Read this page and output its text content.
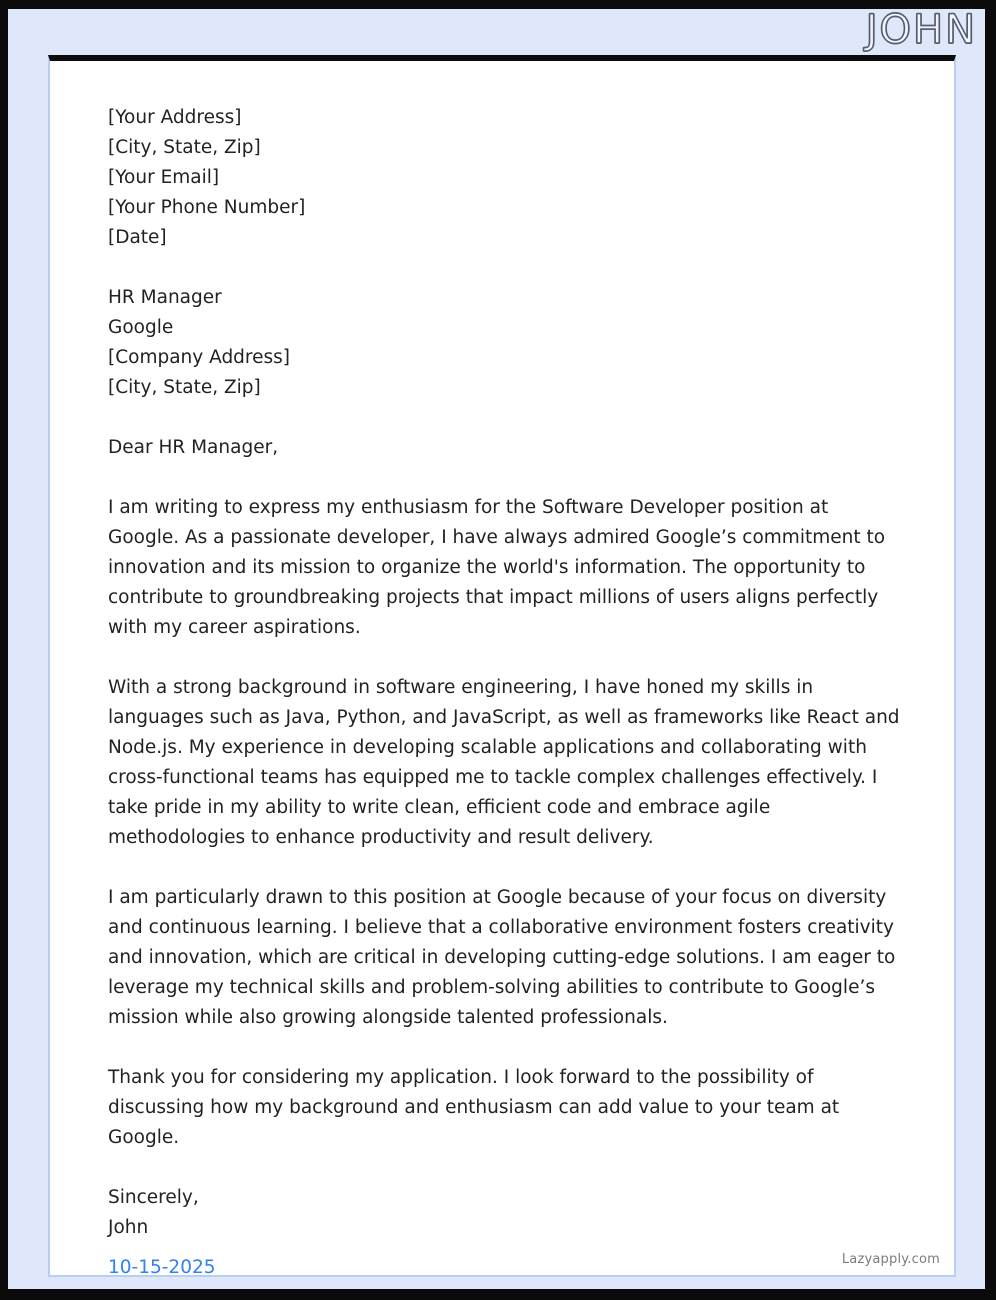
JOHN
[Your Address]
[City, State, Zip]
[Your Email]
[Your Phone Number]
[Date]
HR Manager
Google
[Company Address]
[City, State, Zip]

Dear HR Manager,

I am writing to express my enthusiasm for the Software Developer position at Google. As a passionate developer, I have always admired Google’s commitment to innovation and its mission to organize the world's information. The opportunity to contribute to groundbreaking projects that impact millions of users aligns perfectly with my career aspirations.

With a strong background in software engineering, I have honed my skills in languages such as Java, Python, and JavaScript, as well as frameworks like React and Node.js. My experience in developing scalable applications and collaborating with cross-functional teams has equipped me to tackle complex challenges effectively. I take pride in my ability to write clean, efficient code and embrace agile methodologies to enhance productivity and result delivery.

I am particularly drawn to this position at Google because of your focus on diversity and continuous learning. I believe that a collaborative environment fosters creativity and innovation, which are critical in developing cutting-edge solutions. I am eager to leverage my technical skills and problem-solving abilities to contribute to Google’s mission while also growing alongside talented professionals.

Thank you for considering my application. I look forward to the possibility of discussing how my background and enthusiasm can add value to your team at Google.

Sincerely,
John
10-15-2025	Lazyapply.com
